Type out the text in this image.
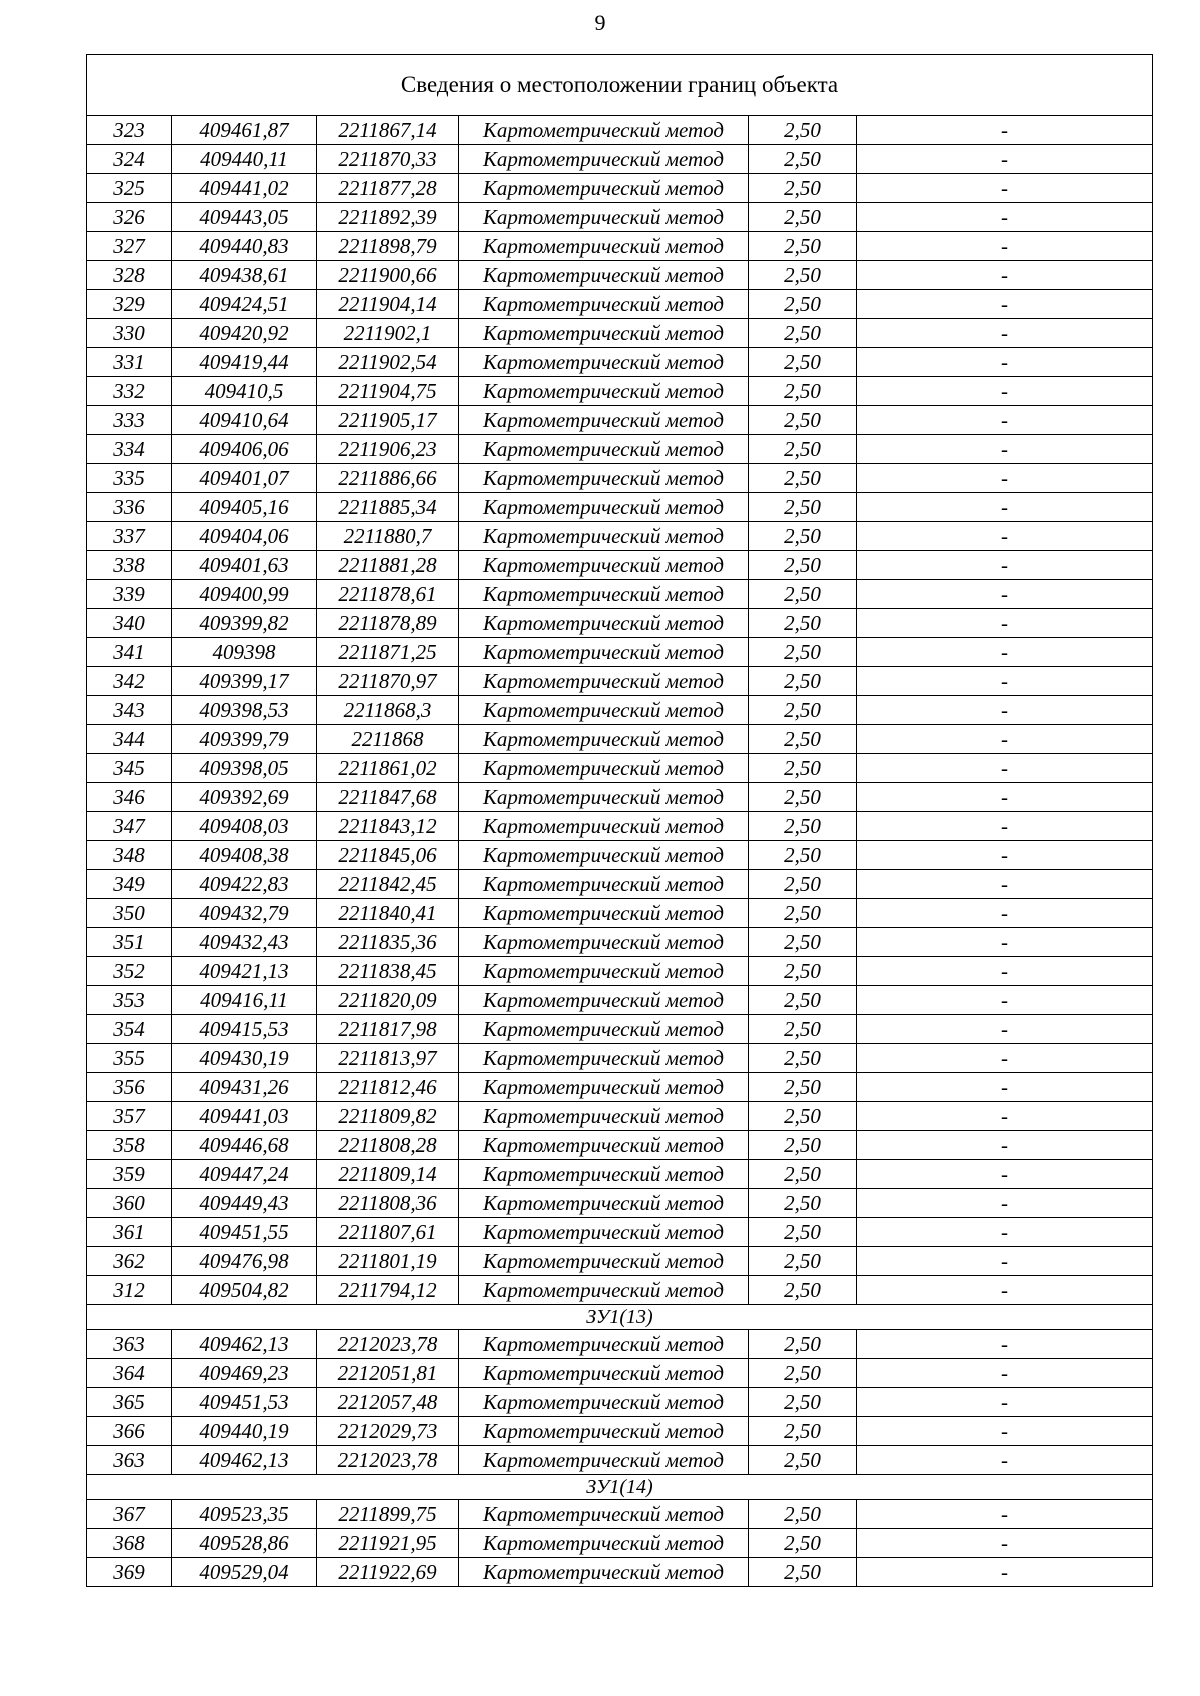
9
Сведения о местоположении границ объекта					
323	409461,87	2211867,14	Картометрический метод	2,50	-
324	409440,11	2211870,33	Картометрический метод	2,50	-
325	409441,02	2211877,28	Картометрический метод	2,50	-
326	409443,05	2211892,39	Картометрический метод	2,50	-
327	409440,83	2211898,79	Картометрический метод	2,50	-
328	409438,61	2211900,66	Картометрический метод	2,50	-
329	409424,51	2211904,14	Картометрический метод	2,50	-
330	409420,92	2211902,1	Картометрический метод	2,50	-
331	409419,44	2211902,54	Картометрический метод	2,50	-
332	409410,5	2211904,75	Картометрический метод	2,50	-
333	409410,64	2211905,17	Картометрический метод	2,50	-
334	409406,06	2211906,23	Картометрический метод	2,50	-
335	409401,07	2211886,66	Картометрический метод	2,50	-
336	409405,16	2211885,34	Картометрический метод	2,50	-
337	409404,06	2211880,7	Картометрический метод	2,50	-
338	409401,63	2211881,28	Картометрический метод	2,50	-
339	409400,99	2211878,61	Картометрический метод	2,50	-
340	409399,82	2211878,89	Картометрический метод	2,50	-
341	409398	2211871,25	Картометрический метод	2,50	-
342	409399,17	2211870,97	Картометрический метод	2,50	-
343	409398,53	2211868,3	Картометрический метод	2,50	-
344	409399,79	2211868	Картометрический метод	2,50	-
345	409398,05	2211861,02	Картометрический метод	2,50	-
346	409392,69	2211847,68	Картометрический метод	2,50	-
347	409408,03	2211843,12	Картометрический метод	2,50	-
348	409408,38	2211845,06	Картометрический метод	2,50	-
349	409422,83	2211842,45	Картометрический метод	2,50	-
350	409432,79	2211840,41	Картометрический метод	2,50	-
351	409432,43	2211835,36	Картометрический метод	2,50	-
352	409421,13	2211838,45	Картометрический метод	2,50	-
353	409416,11	2211820,09	Картометрический метод	2,50	-
354	409415,53	2211817,98	Картометрический метод	2,50	-
355	409430,19	2211813,97	Картометрический метод	2,50	-
356	409431,26	2211812,46	Картометрический метод	2,50	-
357	409441,03	2211809,82	Картометрический метод	2,50	-
358	409446,68	2211808,28	Картометрический метод	2,50	-
359	409447,24	2211809,14	Картометрический метод	2,50	-
360	409449,43	2211808,36	Картометрический метод	2,50	-
361	409451,55	2211807,61	Картометрический метод	2,50	-
362	409476,98	2211801,19	Картометрический метод	2,50	-
312	409504,82	2211794,12	Картометрический метод	2,50	-
ЗУ1(13)					
363	409462,13	2212023,78	Картометрический метод	2,50	-
364	409469,23	2212051,81	Картометрический метод	2,50	-
365	409451,53	2212057,48	Картометрический метод	2,50	-
366	409440,19	2212029,73	Картометрический метод	2,50	-
363	409462,13	2212023,78	Картометрический метод	2,50	-
ЗУ1(14)					
367	409523,35	2211899,75	Картометрический метод	2,50	-
368	409528,86	2211921,95	Картометрический метод	2,50	-
369	409529,04	2211922,69	Картометрический метод	2,50	-
